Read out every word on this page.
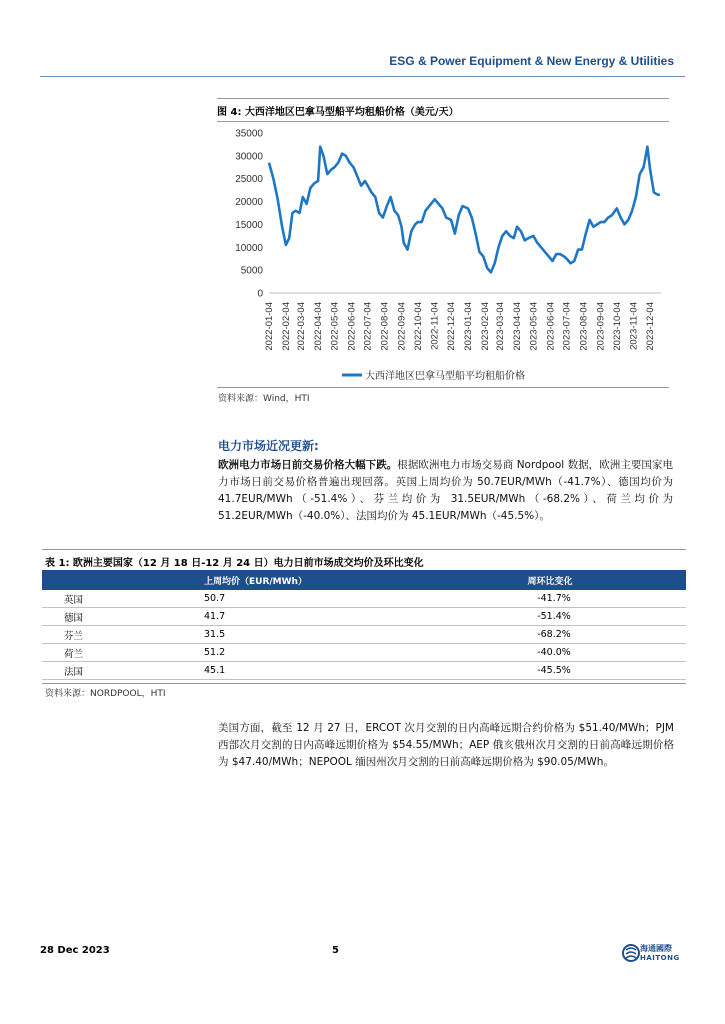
ESG & Power Equipment & New Energy & Utilities
图 4: 大西洋地区巴拿马型船平均租船价格（美元/天）
35000
30000
25000
20000
15000
10000
5000
0
2022-01-04 2022-02-04 2022-03-04 2022-04-04 2022-05-04 2022-06-04 2022-07-04 2022-08-04 2022-09-04 2022-10-04 2022-11-04 2022-12-04 2023-01-04 2023-02-04 2023-03-04 2023-04-04 2023-05-04 2023-06-04 2023-07-04 2023-08-04 2023-09-04 2023-10-04 2023-11-04 2023-12-04
大西洋地区巴拿马型船平均租船价格
资料来源：Wind，HTI
电力市场近况更新:
欧洲电力市场日前交易价格大幅下跌。根据欧洲电力市场交易商 Nordpool 数据，欧洲主要国家电力市场日前交易价格普遍出现回落。英国上周均价为 50.7EUR/MWh（-41.7%）、德国均价为 41.7EUR/MWh（-51.4%）、芬兰均价为 31.5EUR/MWh（-68.2%）、荷兰均价为 51.2EUR/MWh（-40.0%）、法国均价为 45.1EUR/MWh（-45.5%）。
表 1: 欧洲主要国家（12 月 18 日-12 月 24 日）电力日前市场成交均价及环比变化
	上周均价（EUR/MWh）	周环比变化
英国	50.7	-41.7%
德国	41.7	-51.4%
芬兰	31.5	-68.2%
荷兰	51.2	-40.0%
法国	45.1	-45.5%
资料来源：NORDPOOL，HTI
美国方面，截至 12 月 27 日，ERCOT 次月交割的日内高峰远期合约价格为 $51.40/MWh；PJM 西部次月交割的日内高峰远期价格为 $54.55/MWh；AEP 俄亥俄州次月交割的日前高峰远期价格为 $47.40/MWh；NEPOOL 缅因州次月交割的日前高峰远期价格为 $90.05/MWh。
28 Dec 2023	5	海通國際
HAITONG
